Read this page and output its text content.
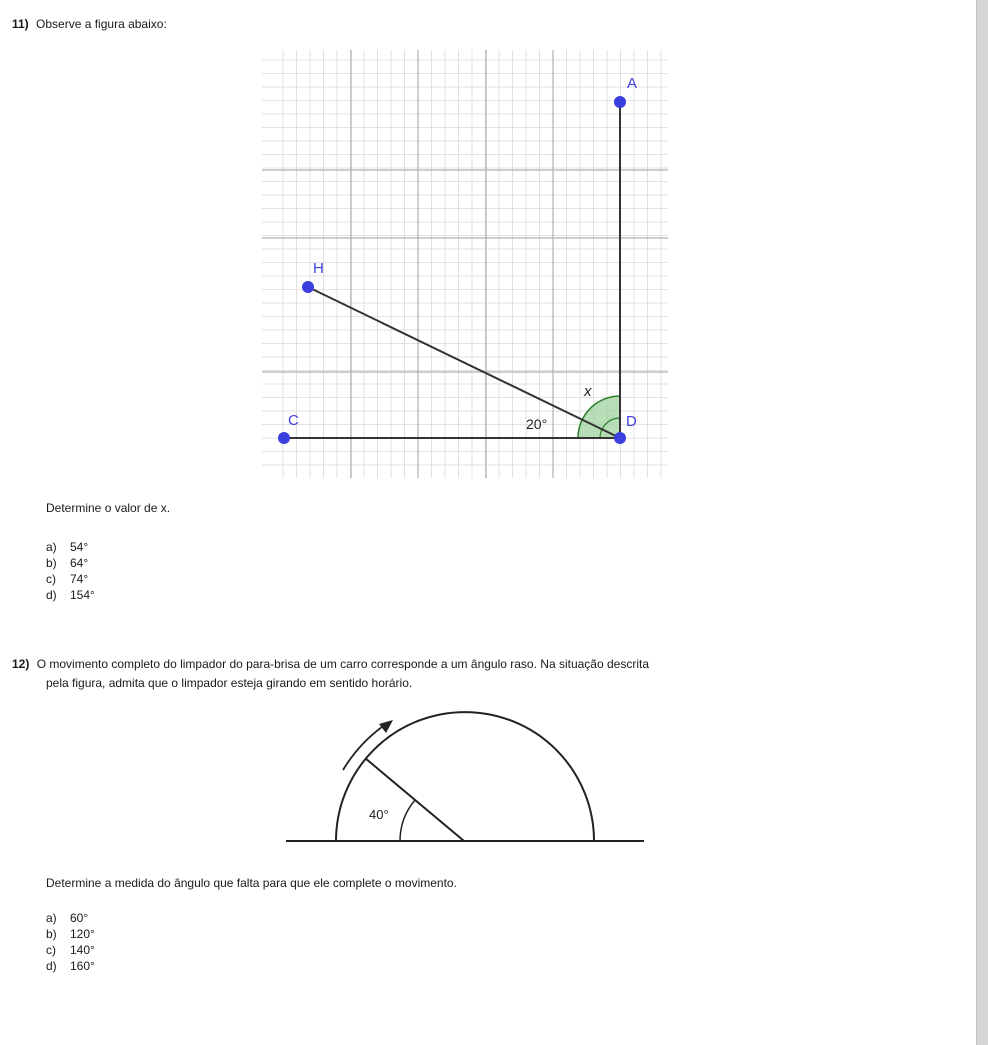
11) Observe a figura abaixo:
A
H
C	D
x
20°
Determine o valor de x.
a) 54°
b) 64°
c) 74°
d) 154°
12) O movimento completo do limpador do para-brisa de um carro corresponde a um ângulo raso. Na situação descrita
pela figura, admita que o limpador esteja girando em sentido horário.
40°
Determine a medida do ângulo que falta para que ele complete o movimento.
a) 60°
b) 120°
c) 140°
d) 160°
